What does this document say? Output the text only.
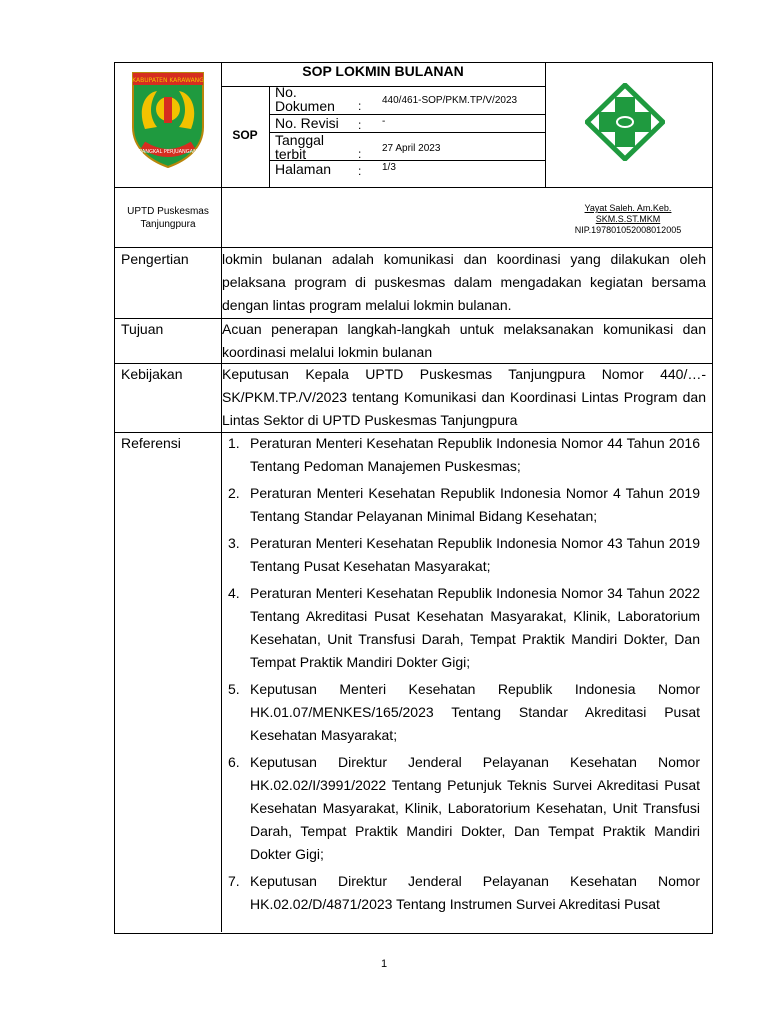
KABUPATEN KARAWANG
PANGKAL PERJUANGAN
SOP LOKMIN BULANAN
SOP
No.
Dokumen : 440/461-SOP/PKM.TP/V/2023
No. Revisi : -
Tanggal
terbit	: 27 April 2023
Halaman : 1/3
UPTD Puskesmas
Tanjungpura
Yayat Saleh. Am.Keb.
SKM.S.ST.MKM
NIP.197801052008012005
Pengertian	lokmin bulanan adalah komunikasi dan koordinasi yang dilakukan oleh pelaksana program di puskesmas dalam mengadakan kegiatan bersama dengan lintas program melalui lokmin bulanan.
Tujuan	Acuan penerapan langkah-langkah untuk melaksanakan komunikasi dan koordinasi melalui lokmin bulanan
Kebijakan	Keputusan Kepala UPTD Puskesmas Tanjungpura Nomor 440/…-SK/PKM.TP./V/2023 tentang Komunikasi dan Koordinasi Lintas Program dan Lintas Sektor di UPTD Puskesmas Tanjungpura
Referensi	1. Peraturan Menteri Kesehatan Republik Indonesia Nomor 44 Tahun 2016 Tentang Pedoman Manajemen Puskesmas;
2. Peraturan Menteri Kesehatan Republik Indonesia Nomor 4 Tahun 2019 Tentang Standar Pelayanan Minimal Bidang Kesehatan;
3. Peraturan Menteri Kesehatan Republik Indonesia Nomor 43 Tahun 2019 Tentang Pusat Kesehatan Masyarakat;
4. Peraturan Menteri Kesehatan Republik Indonesia Nomor 34 Tahun 2022 Tentang Akreditasi Pusat Kesehatan Masyarakat, Klinik, Laboratorium Kesehatan, Unit Transfusi Darah, Tempat Praktik Mandiri Dokter, Dan Tempat Praktik Mandiri Dokter Gigi;
5. Keputusan Menteri Kesehatan Republik Indonesia Nomor HK.01.07/MENKES/165/2023 Tentang Standar Akreditasi Pusat Kesehatan Masyarakat;
6. Keputusan Direktur Jenderal Pelayanan Kesehatan Nomor HK.02.02/I/3991/2022 Tentang Petunjuk Teknis Survei Akreditasi Pusat Kesehatan Masyarakat, Klinik, Laboratorium Kesehatan, Unit Transfusi Darah, Tempat Praktik Mandiri Dokter, Dan Tempat Praktik Mandiri Dokter Gigi;
7. Keputusan Direktur Jenderal Pelayanan Kesehatan Nomor HK.02.02/D/4871/2023 Tentang Instrumen Survei Akreditasi Pusat
1
